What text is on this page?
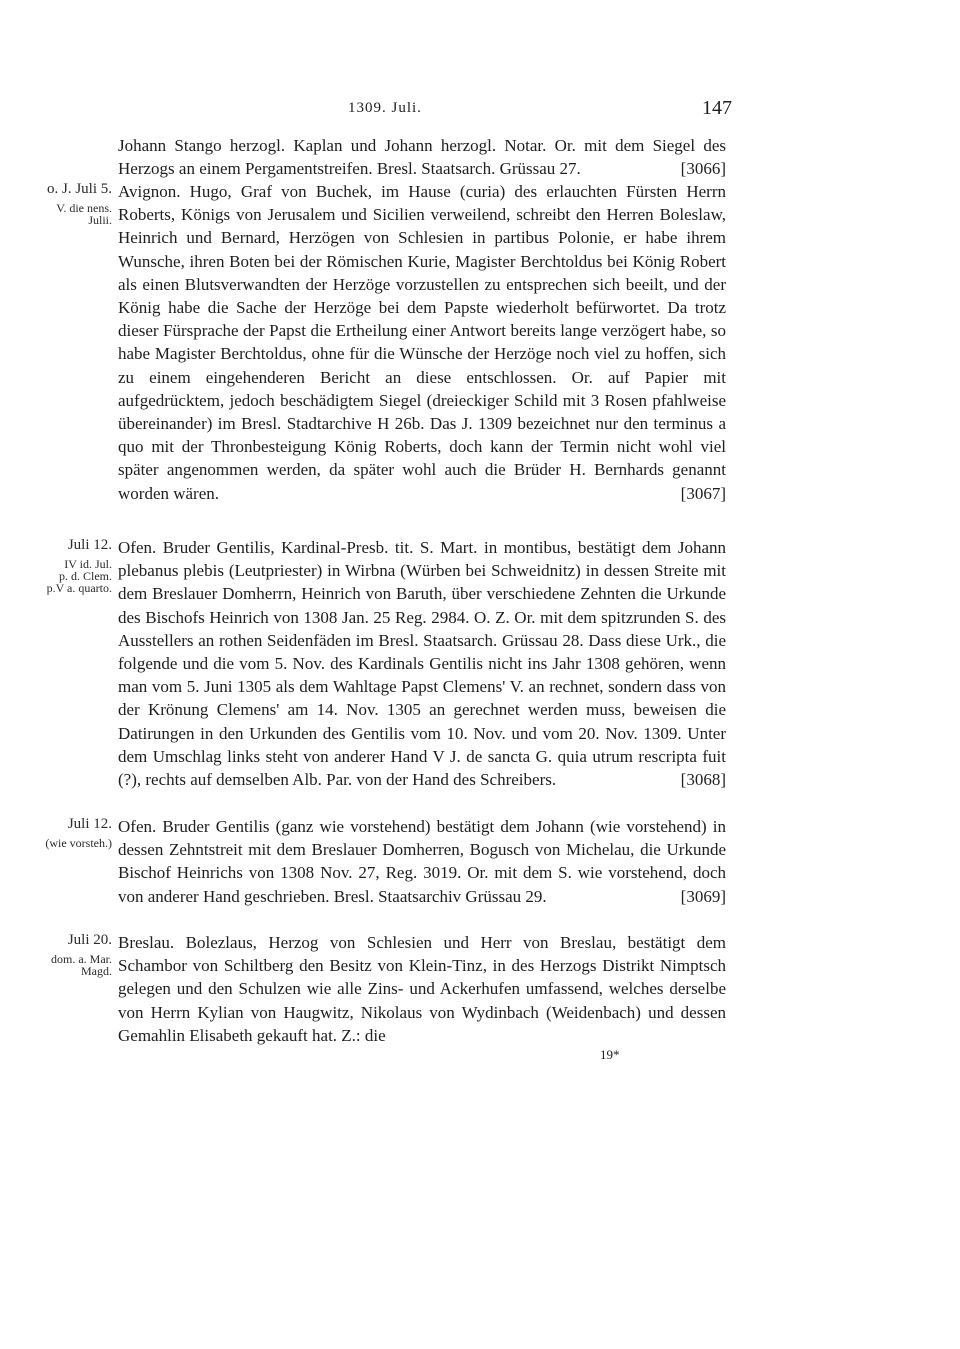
1309. Juli.	147

Johann Stango herzogl. Kaplan und Johann herzogl. Notar. Or. mit dem Siegel des Herzogs an einem Pergamentstreifen. Bresl. Staatsarch. Grüssau 27.	[3066]

o. J. Juli 5.

V. die nens.
Julii.

Avignon. Hugo, Graf von Buchek, im Hause (curia) des erlauchten Fürsten Herrn Roberts, Königs von Jerusalem und Sicilien verweilend, schreibt den Herren Boleslaw, Heinrich und Bernard, Herzögen von Schlesien in partibus Polonie, er habe ihrem Wunsche, ihren Boten bei der Römischen Kurie, Magister Berchtoldus bei König Robert als einen Blutsverwandten der Herzöge vorzustellen zu entsprechen sich beeilt, und der König habe die Sache der Herzöge bei dem Papste wiederholt befürwortet. Da trotz dieser Fürsprache der Papst die Ertheilung einer Antwort bereits lange verzögert habe, so habe Magister Berchtoldus, ohne für die Wünsche der Herzöge noch viel zu hoffen, sich zu einem eingehenderen Bericht an diese entschlossen. Or. auf Papier mit aufgedrücktem, jedoch beschädigtem Siegel (dreieckiger Schild mit 3 Rosen pfahlweise übereinander) im Bresl. Stadtarchive H 26b. Das J. 1309 bezeichnet nur den terminus a quo mit der Thronbesteigung König Roberts, doch kann der Termin nicht wohl viel später angenommen werden, da später wohl auch die Brüder H. Bernhards genannt worden wären.	[3067]

Juli 12.

IV id. Jul.
p. d. Clem.
p.V a. quarto.

Ofen. Bruder Gentilis, Kardinal-Presb. tit. S. Mart. in montibus, bestätigt dem Johann plebanus plebis (Leutpriester) in Wirbna (Würben bei Schweidnitz) in dessen Streite mit dem Breslauer Domherrn, Heinrich von Baruth, über verschiedene Zehnten die Urkunde des Bischofs Heinrich von 1308 Jan. 25 Reg. 2984. O. Z. Or. mit dem spitzrunden S. des Ausstellers an rothen Seidenfäden im Bresl. Staatsarch. Grüssau 28. Dass diese Urk., die folgende und die vom 5. Nov. des Kardinals Gentilis nicht ins Jahr 1308 gehören, wenn man vom 5. Juni 1305 als dem Wahltage Papst Clemens' V. an rechnet, sondern dass von der Krönung Clemens' am 14. Nov. 1305 an gerechnet werden muss, beweisen die Datirungen in den Urkunden des Gentilis vom 10. Nov. und vom 20. Nov. 1309. Unter dem Umschlag links steht von anderer Hand V J. de sancta G. quia utrum rescripta fuit (?), rechts auf demselben Alb. Par. von der Hand des Schreibers.	[3068]

Juli 12.

(wie vorsteh.)

Ofen. Bruder Gentilis (ganz wie vorstehend) bestätigt dem Johann (wie vorstehend) in dessen Zehntstreit mit dem Breslauer Domherren, Bogusch von Michelau, die Urkunde Bischof Heinrichs von 1308 Nov. 27, Reg. 3019. Or. mit dem S. wie vorstehend, doch von anderer Hand geschrieben. Bresl. Staatsarchiv Grüssau 29.	[3069]

Juli 20.

dom. a. Mar.
Magd.

Breslau. Bolezlaus, Herzog von Schlesien und Herr von Breslau, bestätigt dem Schambor von Schiltberg den Besitz von Klein-Tinz, in des Herzogs Distrikt Nimptsch gelegen und den Schulzen wie alle Zins- und Ackerhufen umfassend, welches derselbe von Herrn Kylian von Haugwitz, Nikolaus von Wydinbach (Weidenbach) und dessen Gemahlin Elisabeth gekauft hat. Z.: die

19*
